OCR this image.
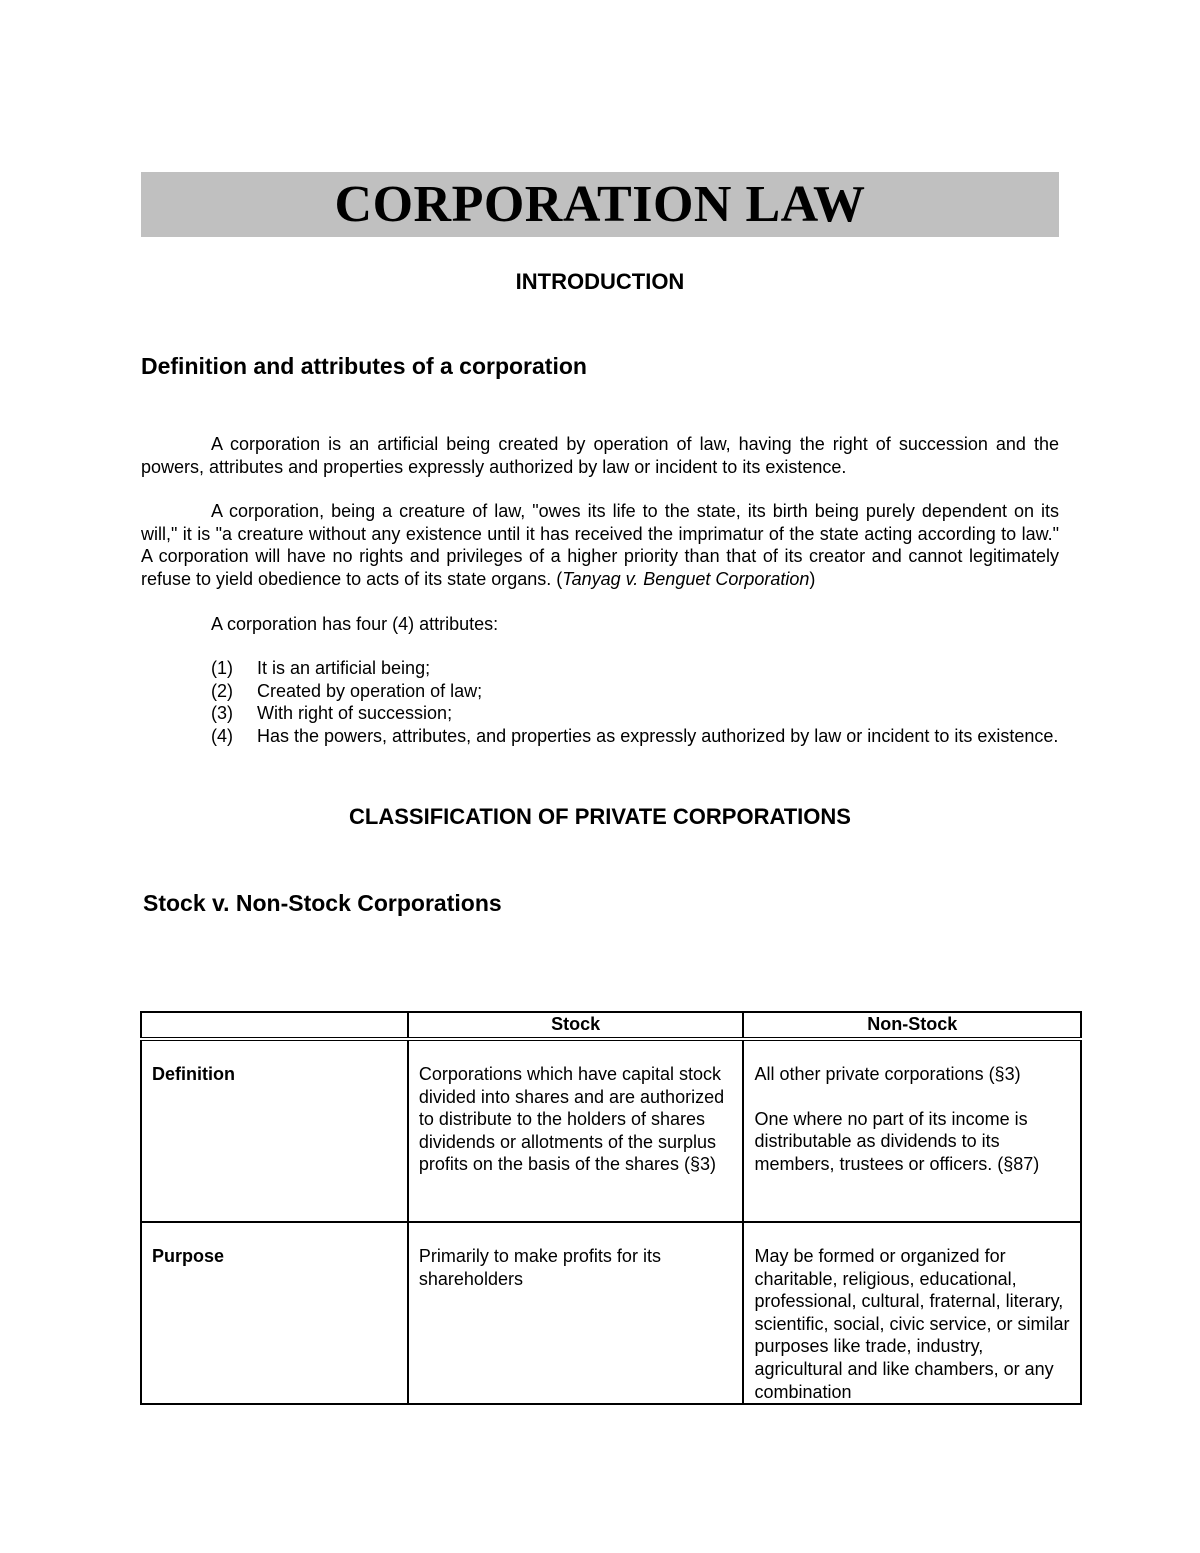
CORPORATION LAW
INTRODUCTION
Definition and attributes of a corporation

A corporation is an artificial being created by operation of law, having the right of succession and the powers, attributes and properties expressly authorized by law or incident to its existence.

A corporation, being a creature of law, "owes its life to the state, its birth being purely dependent on its will," it is "a creature without any existence until it has received the imprimatur of the state acting according to law." A corporation will have no rights and privileges of a higher priority than that of its creator and cannot legitimately refuse to yield obedience to acts of its state organs. (Tanyag v. Benguet Corporation)

A corporation has four (4) attributes:

(1)	It is an artificial being;
(2)	Created by operation of law;
(3)	With right of succession;
(4)	Has the powers, attributes, and properties as expressly authorized by law or incident to its existence.
CLASSIFICATION OF PRIVATE CORPORATIONS
Stock v. Non-Stock Corporations
	Stock	Non-Stock

Definition	Corporations which have capital stock divided into shares and are authorized to distribute to the holders of shares dividends or allotments of the surplus profits on the basis of the shares (§3)	All other private corporations (§3)

One where no part of its income is distributable as dividends to its members, trustees or officers. (§87)

Purpose	Primarily to make profits for its shareholders	May be formed or organized for charitable, religious, educational, professional, cultural, fraternal, literary, scientific, social, civic service, or similar purposes like trade, industry, agricultural and like chambers, or any combination
